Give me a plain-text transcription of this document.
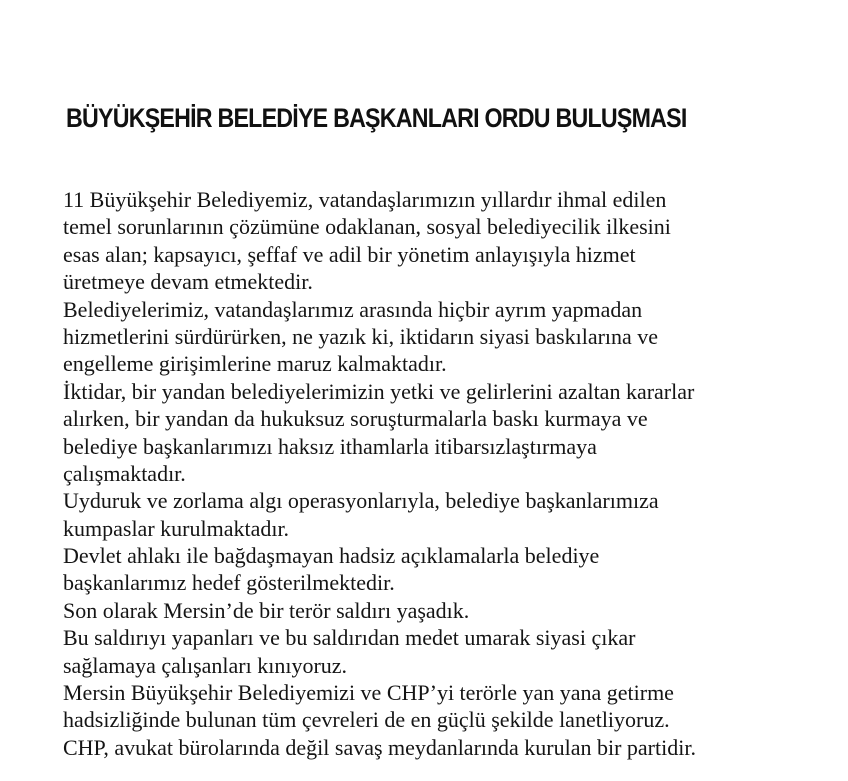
BÜYÜKŞEHİR BELEDİYE BAŞKANLARI ORDU BULUŞMASI
11 Büyükşehir Belediyemiz, vatandaşlarımızın yıllardır ihmal edilen
temel sorunlarının çözümüne odaklanan, sosyal belediyecilik ilkesini
esas alan; kapsayıcı, şeffaf ve adil bir yönetim anlayışıyla hizmet
üretmeye devam etmektedir.
Belediyelerimiz, vatandaşlarımız arasında hiçbir ayrım yapmadan
hizmetlerini sürdürürken, ne yazık ki, iktidarın siyasi baskılarına ve
engelleme girişimlerine maruz kalmaktadır.
İktidar, bir yandan belediyelerimizin yetki ve gelirlerini azaltan kararlar
alırken, bir yandan da hukuksuz soruşturmalarla baskı kurmaya ve
belediye başkanlarımızı haksız ithamlarla itibarsızlaştırmaya
çalışmaktadır.
Uyduruk ve zorlama algı operasyonlarıyla, belediye başkanlarımıza
kumpaslar kurulmaktadır.
Devlet ahlakı ile bağdaşmayan hadsiz açıklamalarla belediye
başkanlarımız hedef gösterilmektedir.
Son olarak Mersin’de bir terör saldırı yaşadık.
Bu saldırıyı yapanları ve bu saldırıdan medet umarak siyasi çıkar
sağlamaya çalışanları kınıyoruz.
Mersin Büyükşehir Belediyemizi ve CHP’yi terörle yan yana getirme
hadsizliğinde bulunan tüm çevreleri de en güçlü şekilde lanetliyoruz.
CHP, avukat bürolarında değil savaş meydanlarında kurulan bir partidir.
